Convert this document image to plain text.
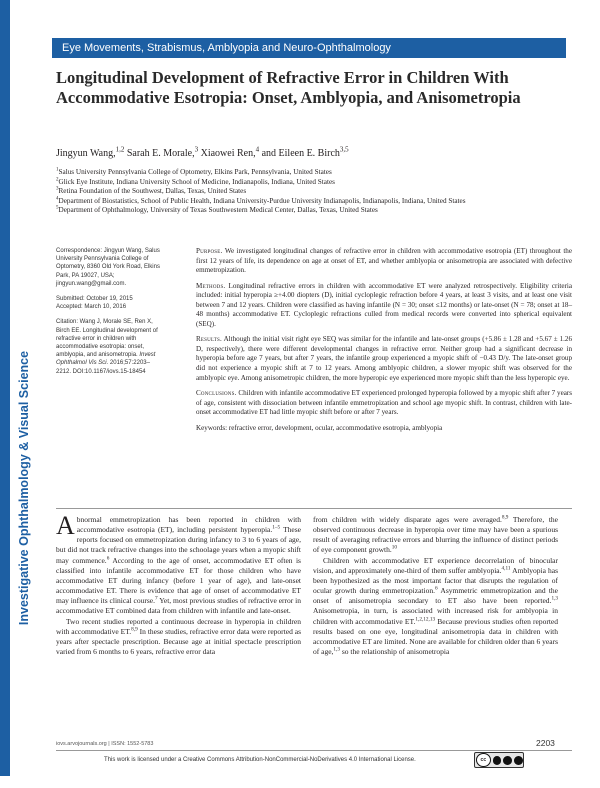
Investigative Ophthalmology & Visual Science
Eye Movements, Strabismus, Amblyopia and Neuro-Ophthalmology
Longitudinal Development of Refractive Error in Children With Accommodative Esotropia: Onset, Amblyopia, and Anisometropia
Jingyun Wang,$^{1,2}$ Sarah E. Morale,$^3$ Xiaowei Ren,$^4$ and Eileen E. Birch$^{3,5}$
$^1$Salus University Pennsylvania College of Optometry, Elkins Park, Pennsylvania, United States
$^2$Glick Eye Institute, Indiana University School of Medicine, Indianapolis, Indiana, United States
$^3$Retina Foundation of the Southwest, Dallas, Texas, United States
$^4$Department of Biostatistics, School of Public Health, Indiana University-Purdue University Indianapolis, Indianapolis, Indiana, United States
$^5$Department of Ophthalmology, University of Texas Southwestern Medical Center, Dallas, Texas, United States

Correspondence: Jingyun Wang, Salus University Pennsylvania College of Optometry, 8360 Old York Road, Elkins Park, PA 19027, USA; jingyun.wang@gmail.com.

Submitted: October 19, 2015
Accepted: March 10, 2016

Citation: Wang J, Morale SE, Ren X, Birch EE. Longitudinal development of refractive error in children with accommodative esotropia: onset, amblyopia, and anisometropia. Invest Ophthalmol Vis Sci. 2016;57:2203–2212. DOI:10.1167/iovs.15-18454

Purpose. We investigated longitudinal changes of refractive error in children with accommodative esotropia (ET) throughout the first 12 years of life, its dependence on age at onset of ET, and whether amblyopia or anisometropia are associated with defective emmetropization.

Methods. Longitudinal refractive errors in children with accommodative ET were analyzed retrospectively. Eligibility criteria included: initial hyperopia ≥+4.00 diopters (D), initial cycloplegic refraction before 4 years, at least 3 visits, and at least one visit between 7 and 12 years. Children were classified as having infantile (N = 30; onset ≤12 months) or late-onset (N = 78; onset at 18–48 months) accommodative ET. Cycloplegic refractions culled from medical records were converted into spherical equivalent (SEQ).

Results. Although the initial visit right eye SEQ was similar for the infantile and late-onset groups (+5.86 ± 1.28 and +5.67 ± 1.26 D, respectively), there were different developmental changes in refractive error. Neither group had a significant decrease in hyperopia before age 7 years, but after 7 years, the infantile group experienced a myopic shift of −0.43 D/y. The late-onset group did not experience a myopic shift at 7 to 12 years. Among amblyopic children, a slower myopic shift was observed for the amblyopic eye. Among anisometropic children, the more hyperopic eye experienced more myopic shift than the less hyperopic eye.

Conclusions. Children with infantile accommodative ET experienced prolonged hyperopia followed by a myopic shift after 7 years of age, consistent with dissociation between infantile emmetropization and school age myopic shift. In contrast, children with late-onset accommodative ET had little myopic shift before or after 7 years.

Keywords: refractive error, development, ocular, accommodative esotropia, amblyopia

Abnormal emmetropization has been reported in children with accommodative esotropia (ET), including persistent hyperopia.$^{1-5}$ These reports focused on emmetropization during infancy to 3 to 6 years of age, but did not track refractive changes into the schoolage years when a myopic shift may commence.$^6$ According to the age of onset, accommodative ET often is classified into infantile accommodative ET for those children who have accommodative ET during infancy (before 1 year of age), and late-onset accommodative ET. There is evidence that age of onset of accommodative ET may influence its clinical course.$^7$ Yet, most previous studies of refractive error in accommodative ET combined data from children with infantile and late-onset.

Two recent studies reported a continuous decrease in hyperopia in children with accommodative ET.$^{8,9}$ In these studies, refractive error data were reported as years after spectacle prescription. Because age at initial spectacle prescription varied from 6 months to 6 years, refractive error data

from children with widely disparate ages were averaged.$^{8,9}$ Therefore, the observed continuous decrease in hyperopia over time may have been a spurious result of averaging refractive errors and blurring the influence of distinct periods of eye component growth.$^{10}$

Children with accommodative ET experience decorrelation of binocular vision, and approximately one-third of them suffer amblyopia.$^{4,11}$ Amblyopia has been hypothesized as the most important factor that disrupts the regulation of ocular growth during emmetropization.$^6$ Asymmetric emmetropization and the onset of anisometropia secondary to ET also have been reported.$^{1,3}$ Anisometropia, in turn, is associated with increased risk for amblyopia in children with accommodative ET.$^{1,2,12,13}$ Because previous studies often reported results based on one eye, longitudinal anisometropia data in children with accommodative ET are limited. None are available for children older than 6 years of age,$^{1,3}$ so the relationship of anisometropia

iovs.arvojournals.org | ISSN: 1552-5783	2203
This work is licensed under a Creative Commons Attribution-NonCommercial-NoDerivatives 4.0 International License.	cc
